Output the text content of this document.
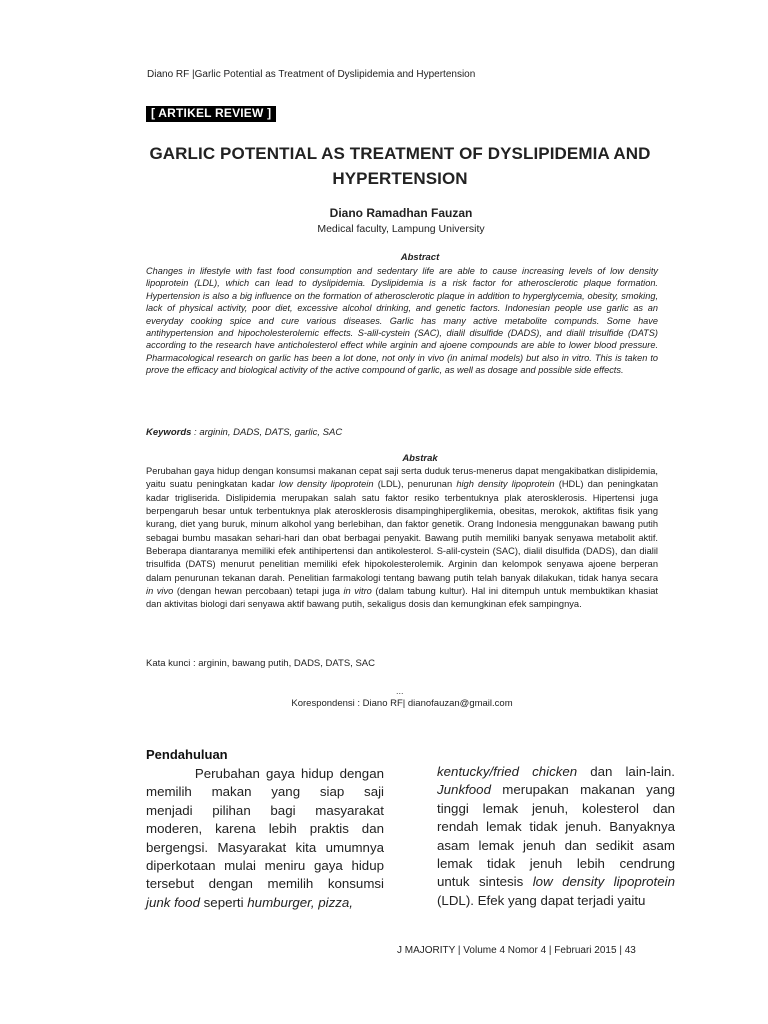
Diano RF |Garlic Potential as Treatment of Dyslipidemia and Hypertension
[ ARTIKEL REVIEW ]
GARLIC POTENTIAL AS TREATMENT OF DYSLIPIDEMIA AND
HYPERTENSION
Diano Ramadhan Fauzan
Medical faculty, Lampung University
Abstract
Changes in lifestyle with fast food consumption and sedentary life are able to cause increasing levels of low density lipoprotein (LDL), which can lead to dyslipidemia. Dyslipidemia is a risk factor for atherosclerotic plaque formation. Hypertension is also a big influence on the formation of atherosclerotic plaque in addition to hyperglycemia, obesity, smoking, lack of physical activity, poor diet, excessive alcohol drinking, and genetic factors. Indonesian people use garlic as an everyday cooking spice and cure various diseases. Garlic has many active metabolite compunds. Some have antihypertension and hipocholesterolemic effects. S-alil-cystein (SAC), dialil disulfide (DADS), and dialil trisulfide (DATS) according to the research have anticholesterol effect while arginin and ajoene compounds are able to lower blood pressure. Pharmacological research on garlic has been a lot done, not only in vivo (in animal models) but also in vitro. This is taken to prove the efficacy and biological activity of the active compound of garlic, as well as dosage and possible side effects.
Keywords : arginin, DADS, DATS, garlic, SAC
Abstrak
Perubahan gaya hidup dengan konsumsi makanan cepat saji serta duduk terus-menerus dapat mengakibatkan dislipidemia, yaitu suatu peningkatan kadar low density lipoprotein (LDL), penurunan high density lipoprotein (HDL) dan peningkatan kadar trigliserida. Dislipidemia merupakan salah satu faktor resiko terbentuknya plak aterosklerosis. Hipertensi juga berpengaruh besar untuk terbentuknya plak aterosklerosis disampinghiperglikemia, obesitas, merokok, aktifitas fisik yang kurang, diet yang buruk, minum alkohol yang berlebihan, dan faktor genetik. Orang Indonesia menggunakan bawang putih sebagai bumbu masakan sehari-hari dan obat berbagai penyakit. Bawang putih memiliki banyak senyawa metabolit aktif. Beberapa diantaranya memiliki efek antihipertensi dan antikolesterol. S-alil-cystein (SAC), dialil disulfida (DADS), dan dialil trisulfida (DATS) menurut penelitian memiliki efek hipokolesterolemik. Arginin dan kelompok senyawa ajoene berperan dalam penurunan tekanan darah. Penelitian farmakologi tentang bawang putih telah banyak dilakukan, tidak hanya secara in vivo (dengan hewan percobaan) tetapi juga in vitro (dalam tabung kultur). Hal ini ditempuh untuk membuktikan khasiat dan aktivitas biologi dari senyawa aktif bawang putih, sekaligus dosis dan kemungkinan efek sampingnya.
Kata kunci : arginin, bawang putih, DADS, DATS, SAC
...
Korespondensi : Diano RF| dianofauzan@gmail.com
Pendahuluan
Perubahan gaya hidup dengan
memilih makan yang siap saji
menjadi pilihan bagi masyarakat
moderen, karena lebih praktis dan
bergengsi. Masyarakat kita umumnya
diperkotaan mulai meniru gaya hidup
tersebut dengan memilih konsumsi
junk food seperti humburger, pizza,
kentucky/fried chicken dan lain-lain.
Junkfood merupakan makanan yang
tinggi lemak jenuh, kolesterol dan
rendah lemak tidak jenuh. Banyaknya
asam lemak jenuh dan sedikit asam
lemak tidak jenuh lebih cendrung
untuk sintesis low density lipoprotein
(LDL). Efek yang dapat terjadi yaitu
J MAJORITY | Volume 4 Nomor 4 | Februari 2015 | 43
